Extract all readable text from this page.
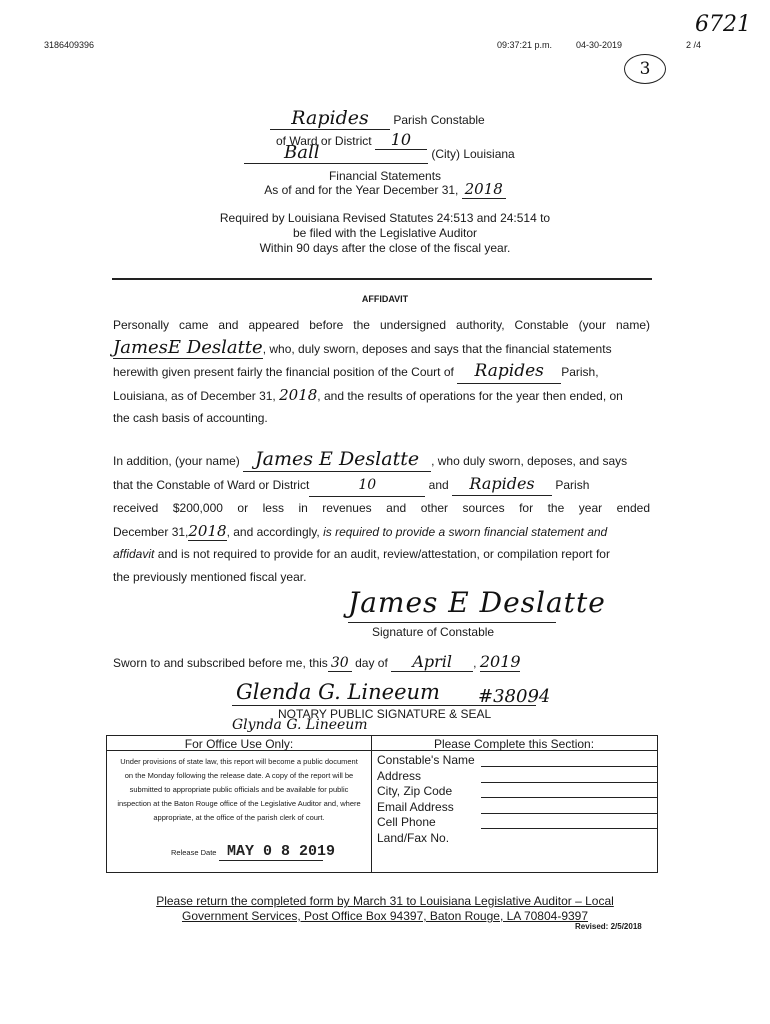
3186409396	09:37:21 p.m.	04-30-2019	2 /4
6721
3
Rapides Parish Constable
of Ward or District 10
Ball	(City) Louisiana
Financial Statements
As of and for the Year December 31, 2018
Required by Louisiana Revised Statutes 24:513 and 24:514 to
be filed with the Legislative Auditor
Within 90 days after the close of the fiscal year.
AFFIDAVIT
Personally came and appeared before the undersigned authority, Constable (your name)
JamesE Deslatte, who, duly sworn, deposes and says that the financial statements
herewith given present fairly the financial position of the Court of Rapides Parish,
Louisiana, as of December 31, 2018, and the results of operations for the year then ended, on
the cash basis of accounting.
In addition, (your name) James E Deslatte , who duly sworn, deposes, and says
that the Constable of Ward or District	10	and Rapides Parish
received $200,000 or less in revenues and other sources for the year ended
December 31,2018, and accordingly, is required to provide a sworn financial statement and
affidavit and is not required to provide for an audit, review/attestation, or compilation report for
the previously mentioned fiscal year.
James E Deslatte
Signature of Constable
Sworn to and subscribed before me, this 30 day of April , 2019
Glenda G. Lineeum #38094
NOTARY PUBLIC SIGNATURE & SEAL
Glynda G. Lineeum
For Office Use Only:
Under provisions of state law, this report will become a public document on the Monday following the release date. A copy of the report will be submitted to appropriate public officials and be available for public inspection at the Baton Rouge office of the Legislative Auditor and, where appropriate, at the office of the parish clerk of court.
Release Date MAY 0 8 2019
Please Complete this Section:
Constable's Name
Address
City, Zip Code
Email Address
Cell Phone
Land/Fax No.
Please return the completed form by March 31 to Louisiana Legislative Auditor – Local
Government Services, Post Office Box 94397, Baton Rouge, LA 70804-9397
Revised: 2/5/2018
